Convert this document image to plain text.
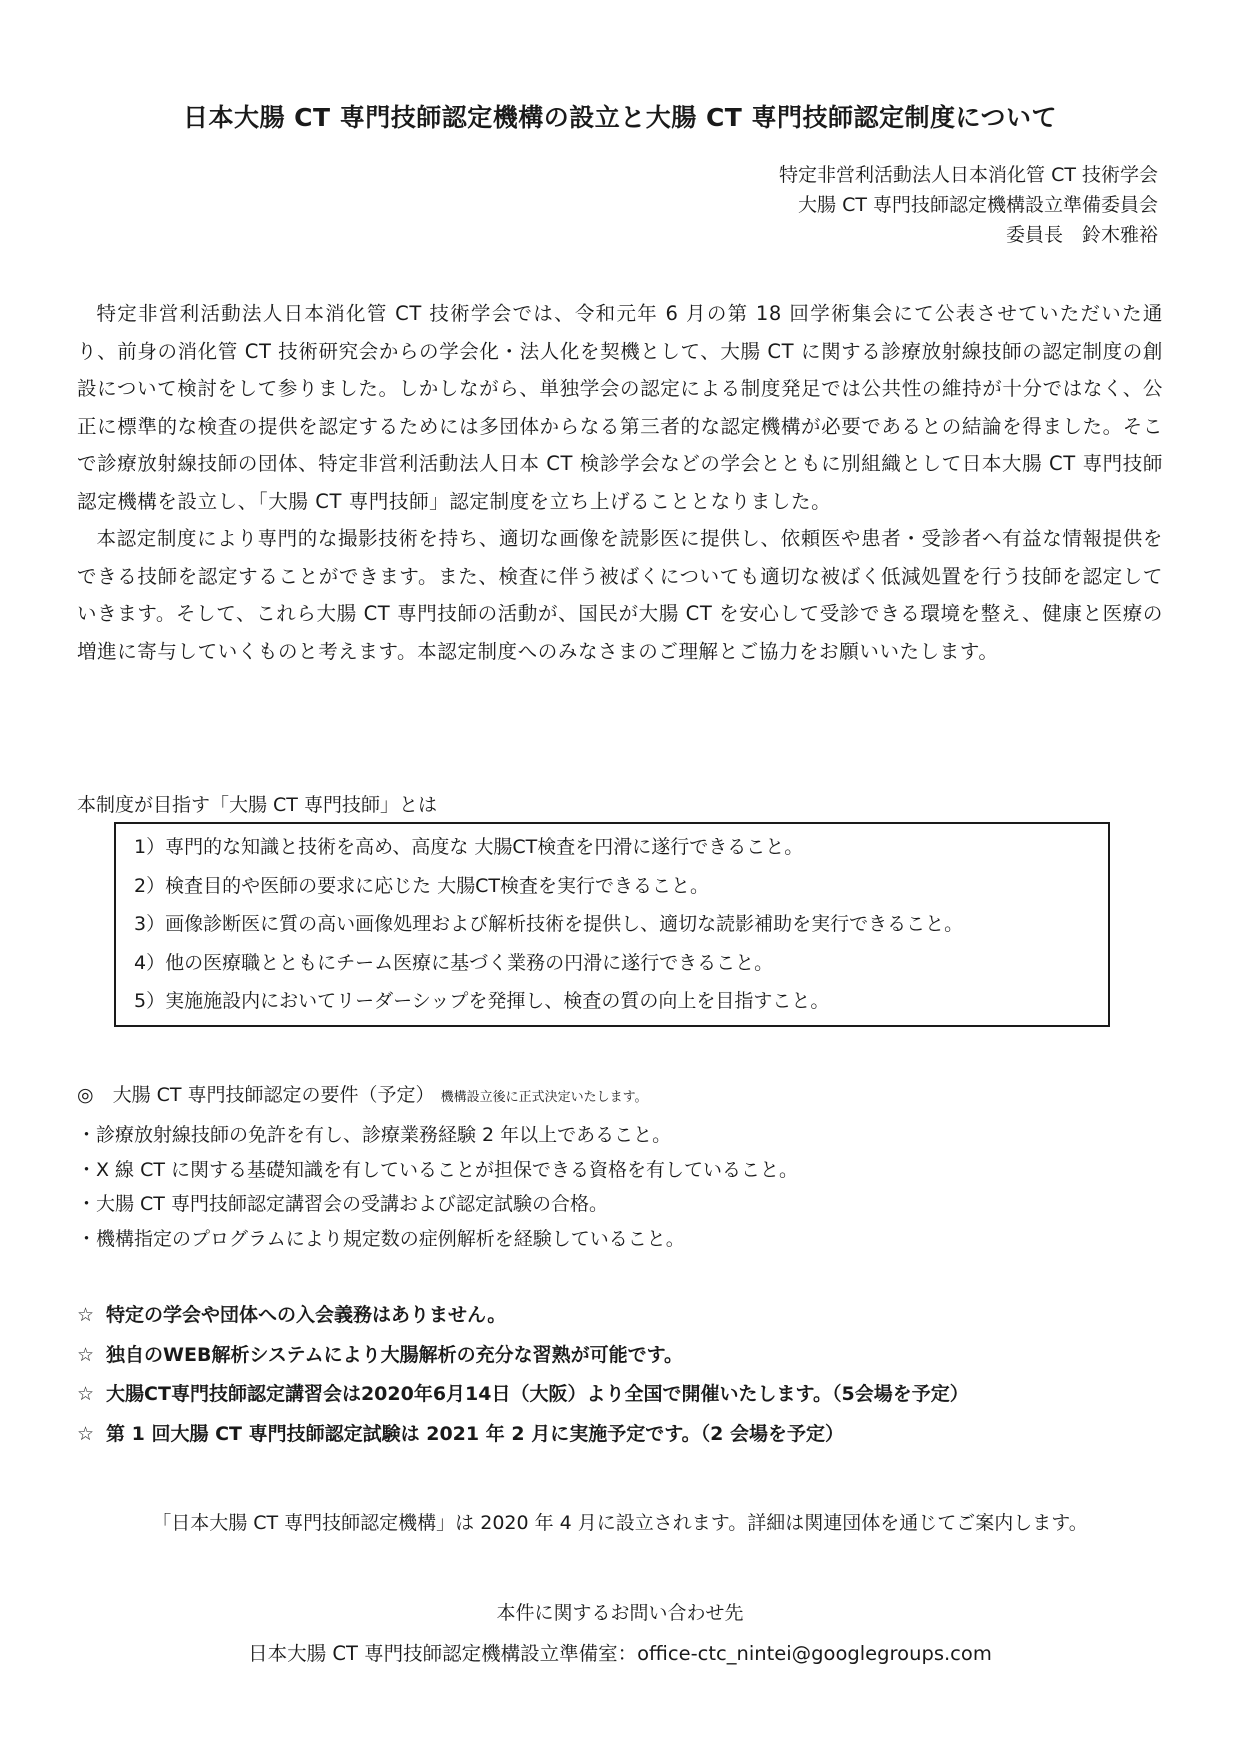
日本大腸 CT 専門技師認定機構の設立と大腸 CT 専門技師認定制度について
特定非営利活動法人日本消化管 CT 技術学会
大腸 CT 専門技師認定機構設立準備委員会
委員長　鈴木雅裕

特定非営利活動法人日本消化管 CT 技術学会では、令和元年 6 月の第 18 回学術集会にて公表させていただいた通り、前身の消化管 CT 技術研究会からの学会化・法人化を契機として、大腸 CT に関する診療放射線技師の認定制度の創設について検討をして参りました。しかしながら、単独学会の認定による制度発足では公共性の維持が十分ではなく、公正に標準的な検査の提供を認定するためには多団体からなる第三者的な認定機構が必要であるとの結論を得ました。そこで診療放射線技師の団体、特定非営利活動法人日本 CT 検診学会などの学会とともに別組織として日本大腸 CT 専門技師認定機構を設立し、「大腸 CT 専門技師」認定制度を立ち上げることとなりました。

本認定制度により専門的な撮影技術を持ち、適切な画像を読影医に提供し、依頼医や患者・受診者へ有益な情報提供をできる技師を認定することができます。また、検査に伴う被ばくについても適切な被ばく低減処置を行う技師を認定していきます。そして、これら大腸 CT 専門技師の活動が、国民が大腸 CT を安心して受診できる環境を整え、健康と医療の増進に寄与していくものと考えます。本認定制度へのみなさまのご理解とご協力をお願いいたします。

本制度が目指す「大腸 CT 専門技師」とは
1）専門的な知識と技術を高め、高度な 大腸CT検査を円滑に遂行できること。
2）検査目的や医師の要求に応じた 大腸CT検査を実行できること。
3）画像診断医に質の高い画像処理および解析技術を提供し、適切な読影補助を実行できること。
4）他の医療職とともにチーム医療に基づく業務の円滑に遂行できること。
5）実施施設内においてリーダーシップを発揮し、検査の質の向上を目指すこと。
◎　大腸 CT 専門技師認定の要件（予定） 機構設立後に正式決定いたします。
・診療放射線技師の免許を有し、診療業務経験 2 年以上であること。
・X 線 CT に関する基礎知識を有していることが担保できる資格を有していること。
・大腸 CT 専門技師認定講習会の受講および認定試験の合格。
・機構指定のプログラムにより規定数の症例解析を経験していること。
☆ 特定の学会や団体への入会義務はありません。
☆ 独自のWEB解析システムにより大腸解析の充分な習熟が可能です。
☆ 大腸CT専門技師認定講習会は2020年6月14日（大阪）より全国で開催いたします。（5会場を予定）
☆ 第 1 回大腸 CT 専門技師認定試験は 2021 年 2 月に実施予定です。（2 会場を予定）
「日本大腸 CT 専門技師認定機構」は 2020 年 4 月に設立されます。詳細は関連団体を通じてご案内します。
本件に関するお問い合わせ先
日本大腸 CT 専門技師認定機構設立準備室：office-ctc_nintei@googlegroups.com
